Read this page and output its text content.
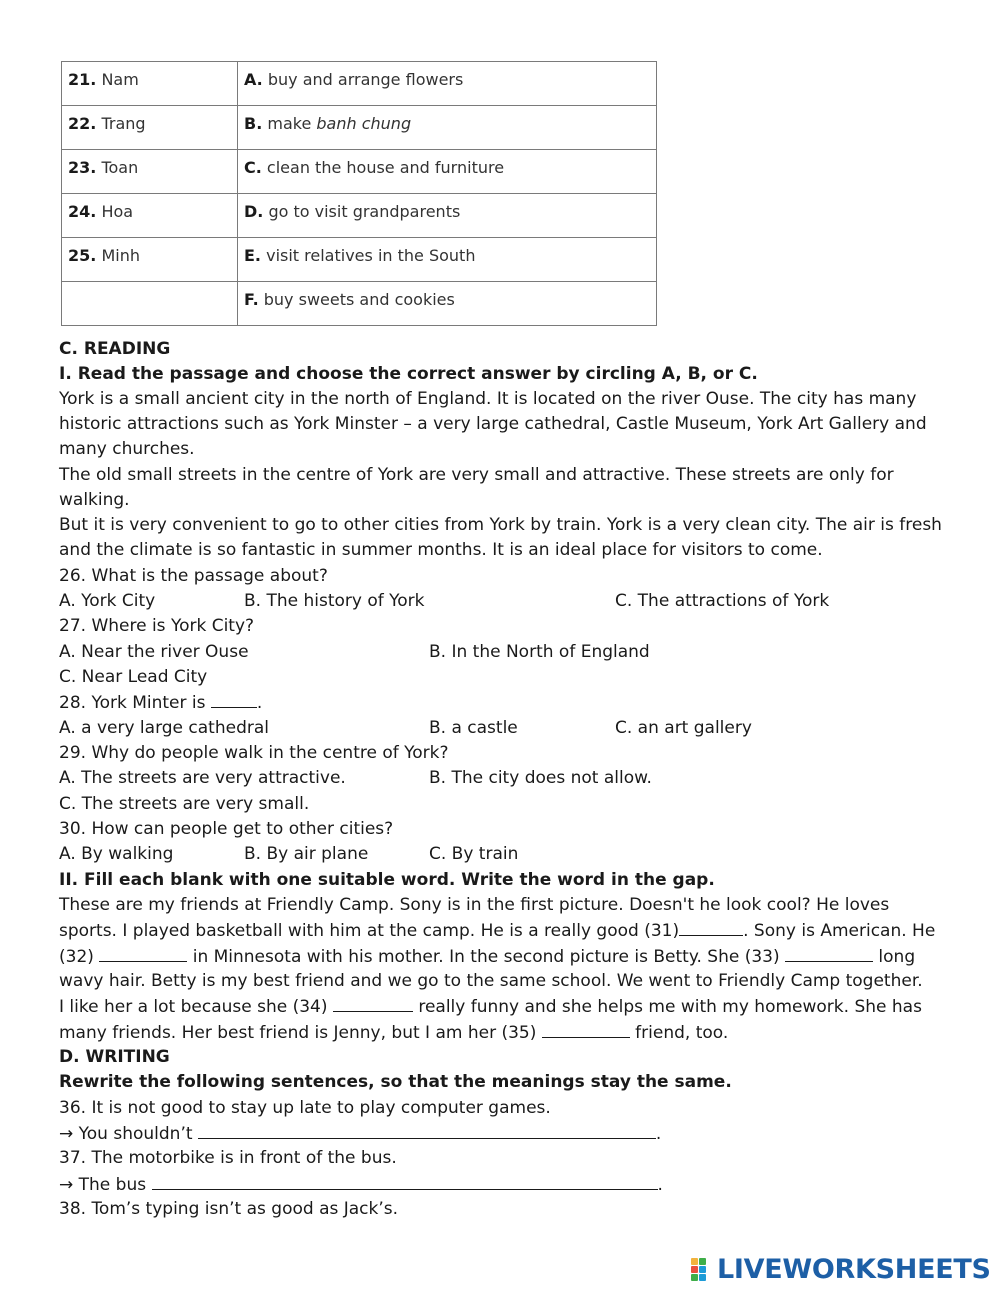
21. Nam	A. buy and arrange flowers
22. Trang	B. make banh chung
23. Toan	C. clean the house and furniture
24. Hoa	D. go to visit grandparents
25. Minh	E. visit relatives in the South
	F. buy sweets and cookies
C. READING
I. Read the passage and choose the correct answer by circling A, B, or C.
York is a small ancient city in the north of England. It is located on the river Ouse. The city has many
historic attractions such as York Minster – a very large cathedral, Castle Museum, York Art Gallery and
many churches.
The old small streets in the centre of York are very small and attractive. These streets are only for
walking.
But it is very convenient to go to other cities from York by train. York is a very clean city. The air is fresh
and the climate is so fantastic in summer months. It is an ideal place for visitors to come.
26. What is the passage about?
A. York City	B. The history of York	C. The attractions of York
27. Where is York City?
A. Near the river Ouse	B. In the North of England
C. Near Lead City
28. York Minter is	.
A. a very large cathedral	B. a castle	C. an art gallery
29. Why do people walk in the centre of York?
A. The streets are very attractive.	B. The city does not allow.
C. The streets are very small.
30. How can people get to other cities?
A. By walking	B. By air plane	C. By train
II. Fill each blank with one suitable word. Write the word in the gap.
These are my friends at Friendly Camp. Sony is in the first picture. Doesn't he look cool? He loves
sports. I played basketball with him at the camp. He is a really good (31)	. Sony is American. He
(32)	in Minnesota with his mother. In the second picture is Betty. She (33)	long
wavy hair. Betty is my best friend and we go to the same school. We went to Friendly Camp together.
I like her a lot because she (34)	really funny and she helps me with my homework. She has
many friends. Her best friend is Jenny, but I am her (35)	friend, too.
D. WRITING
Rewrite the following sentences, so that the meanings stay the same.
36. It is not good to stay up late to play computer games.
→ You shouldn’t	.
37. The motorbike is in front of the bus.
→ The bus	.
38. Tom’s typing isn’t as good as Jack’s.
LIVEWORKSHEETS
